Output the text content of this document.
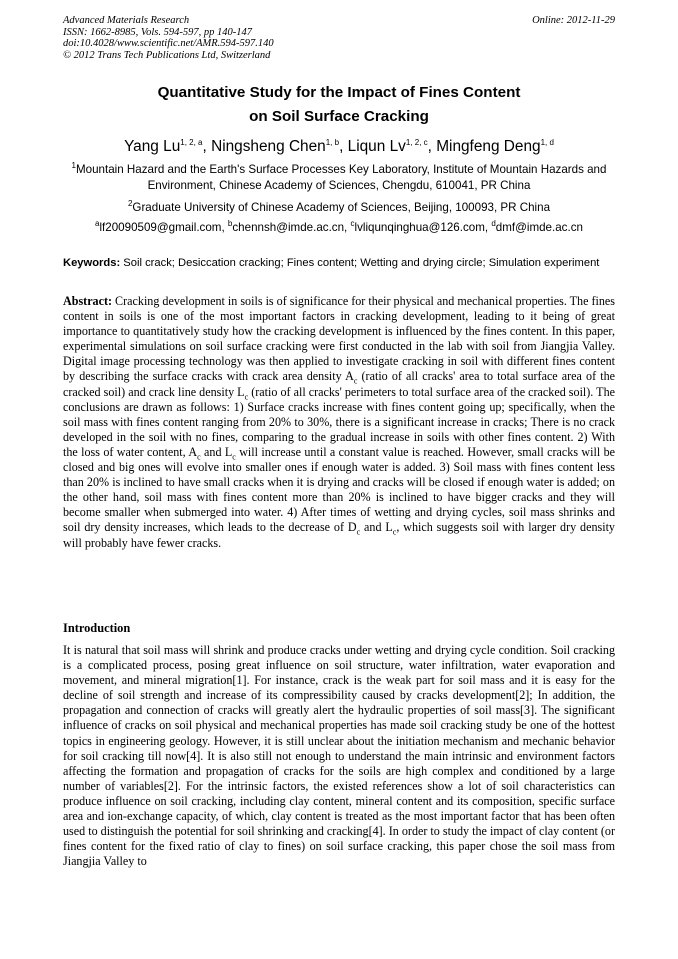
Advanced Materials Research
ISSN: 1662-8985, Vols. 594-597, pp 140-147
doi:10.4028/www.scientific.net/AMR.594-597.140
© 2012 Trans Tech Publications Ltd, Switzerland
Online: 2012-11-29
Quantitative Study for the Impact of Fines Content
on Soil Surface Cracking
Yang Lu$^{1, 2, a}$, Ningsheng Chen$^{1, b}$, Liqun Lv$^{1, 2, c}$, Mingfeng Deng$^{1, d}$
$^1$Mountain Hazard and the Earth's Surface Processes Key Laboratory, Institute of Mountain Hazards and Environment, Chinese Academy of Sciences, Chengdu, 610041, PR China
$^2$Graduate University of Chinese Academy of Sciences, Beijing, 100093, PR China
$^a$lf20090509@gmail.com, $^b$chennsh@imde.ac.cn, $^c$lvliqunqinghua@126.com, $^d$dmf@imde.ac.cn
Keywords: Soil crack; Desiccation cracking; Fines content; Wetting and drying circle; Simulation experiment
Abstract: Cracking development in soils is of significance for their physical and mechanical properties. The fines content in soils is one of the most important factors in cracking development, leading to it being of great importance to quantitatively study how the cracking development is influenced by the fines content. In this paper, experimental simulations on soil surface cracking were first conducted in the lab with soil from Jiangjia Valley. Digital image processing technology was then applied to investigate cracking in soil with different fines content by describing the surface cracks with crack area density $A_c$ (ratio of all cracks' area to total surface area of the cracked soil) and crack line density $L_c$ (ratio of all cracks' perimeters to total surface area of the cracked soil). The conclusions are drawn as follows: 1) Surface cracks increase with fines content going up; specifically, when the soil mass with fines content ranging from 20% to 30%, there is a significant increase in cracks; There is no crack developed in the soil with no fines, comparing to the gradual increase in soils with other fines content. 2) With the loss of water content, $A_c$ and $L_c$ will increase until a constant value is reached. However, small cracks will be closed and big ones will evolve into smaller ones if enough water is added. 3) Soil mass with fines content less than 20% is inclined to have small cracks when it is drying and cracks will be closed if enough water is added; on the other hand, soil mass with fines content more than 20% is inclined to have bigger cracks and they will become smaller when submerged into water. 4) After times of wetting and drying cycles, soil mass shrinks and soil dry density increases, which leads to the decrease of $D_c$ and $L_c$, which suggests soil with larger dry density will probably have fewer cracks.
Introduction
It is natural that soil mass will shrink and produce cracks under wetting and drying cycle condition. Soil cracking is a complicated process, posing great influence on soil structure, water infiltration, water evaporation and movement, and mineral migration[1]. For instance, crack is the weak part for soil mass and it is easy for the decline of soil strength and increase of its compressibility caused by cracks development[2]; In addition, the propagation and connection of cracks will greatly alert the hydraulic properties of soil mass[3]. The significant influence of cracks on soil physical and mechanical properties has made soil cracking study be one of the hottest topics in engineering geology. However, it is still unclear about the initiation mechanism and mechanic behavior for soil cracking till now[4]. It is also still not enough to understand the main intrinsic and environment factors affecting the formation and propagation of cracks for the soils are high complex and conditioned by a large number of variables[2]. For the intrinsic factors, the existed references show a lot of soil characteristics can produce influence on soil cracking, including clay content, mineral content and its composition, specific surface area and ion-exchange capacity, of which, clay content is treated as the most important factor that has been often used to distinguish the potential for soil shrinking and cracking[4]. In order to study the impact of clay content (or fines content for the fixed ratio of clay to fines) on soil surface cracking, this paper chose the soil mass from Jiangjia Valley to
